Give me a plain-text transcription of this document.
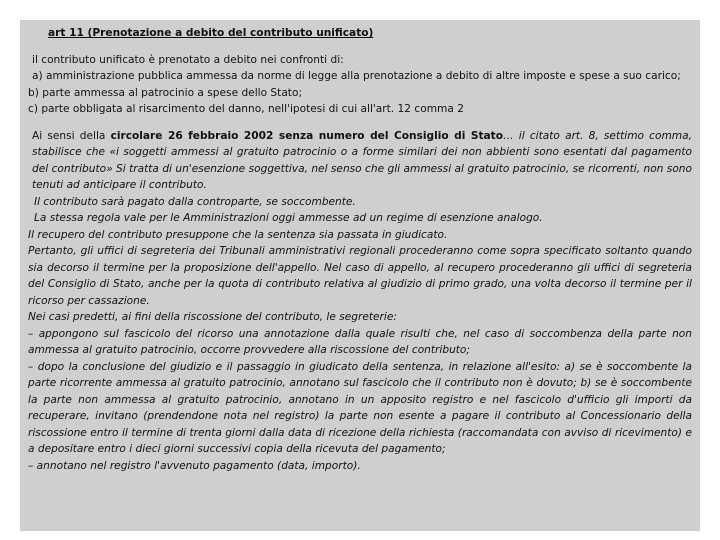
art 11 (Prenotazione a debito del contributo unificato)
il contributo unificato è prenotato a debito nei confronti di:
a) amministrazione pubblica ammessa da norme di legge alla prenotazione a debito di altre imposte e spese a suo carico;
b) parte ammessa al patrocinio a spese dello Stato;
c) parte obbligata al risarcimento del danno, nell'ipotesi di cui all'art. 12 comma 2
Ai sensi della circolare 26 febbraio 2002 senza numero del Consiglio di Stato… il citato art. 8, settimo comma, stabilisce che «i soggetti ammessi al gratuito patrocinio o a forme similari dei non abbienti sono esentati dal pagamento del contributo» Si tratta di un'esenzione soggettiva, nel senso che gli ammessi al gratuito patrocinio, se ricorrenti, non sono tenuti ad anticipare il contributo.
Il contributo sarà pagato dalla controparte, se soccombente.
La stessa regola vale per le Amministrazioni oggi ammesse ad un regime di esenzione analogo.
Il recupero del contributo presuppone che la sentenza sia passata in giudicato.
Pertanto, gli uffici di segreteria dei Tribunali amministrativi regionali procederanno come sopra specificato soltanto quando sia decorso il termine per la proposizione dell'appello. Nel caso di appello, al recupero procederanno gli uffici di segreteria del Consiglio di Stato, anche per la quota di contributo relativa al giudizio di primo grado, una volta decorso il termine per il ricorso per cassazione.
Nei casi predetti, ai fini della riscossione del contributo, le segreterie:
– appongono sul fascicolo del ricorso una annotazione dalla quale risulti che, nel caso di soccombenza della parte non ammessa al gratuito patrocinio, occorre provvedere alla riscossione del contributo;
– dopo la conclusione del giudizio e il passaggio in giudicato della sentenza, in relazione all'esito: a) se è soccombente la parte ricorrente ammessa al gratuito patrocinio, annotano sul fascicolo che il contributo non è dovuto; b) se è soccombente la parte non ammessa al gratuito patrocinio, annotano in un apposito registro e nel fascicolo d'ufficio gli importi da recuperare, invitano (prendendone nota nel registro) la parte non esente a pagare il contributo al Concessionario della riscossione entro il termine di trenta giorni dalla data di ricezione della richiesta (raccomandata con avviso di ricevimento) e a depositare entro i dieci giorni successivi copia della ricevuta del pagamento;
– annotano nel registro l'avvenuto pagamento (data, importo).
